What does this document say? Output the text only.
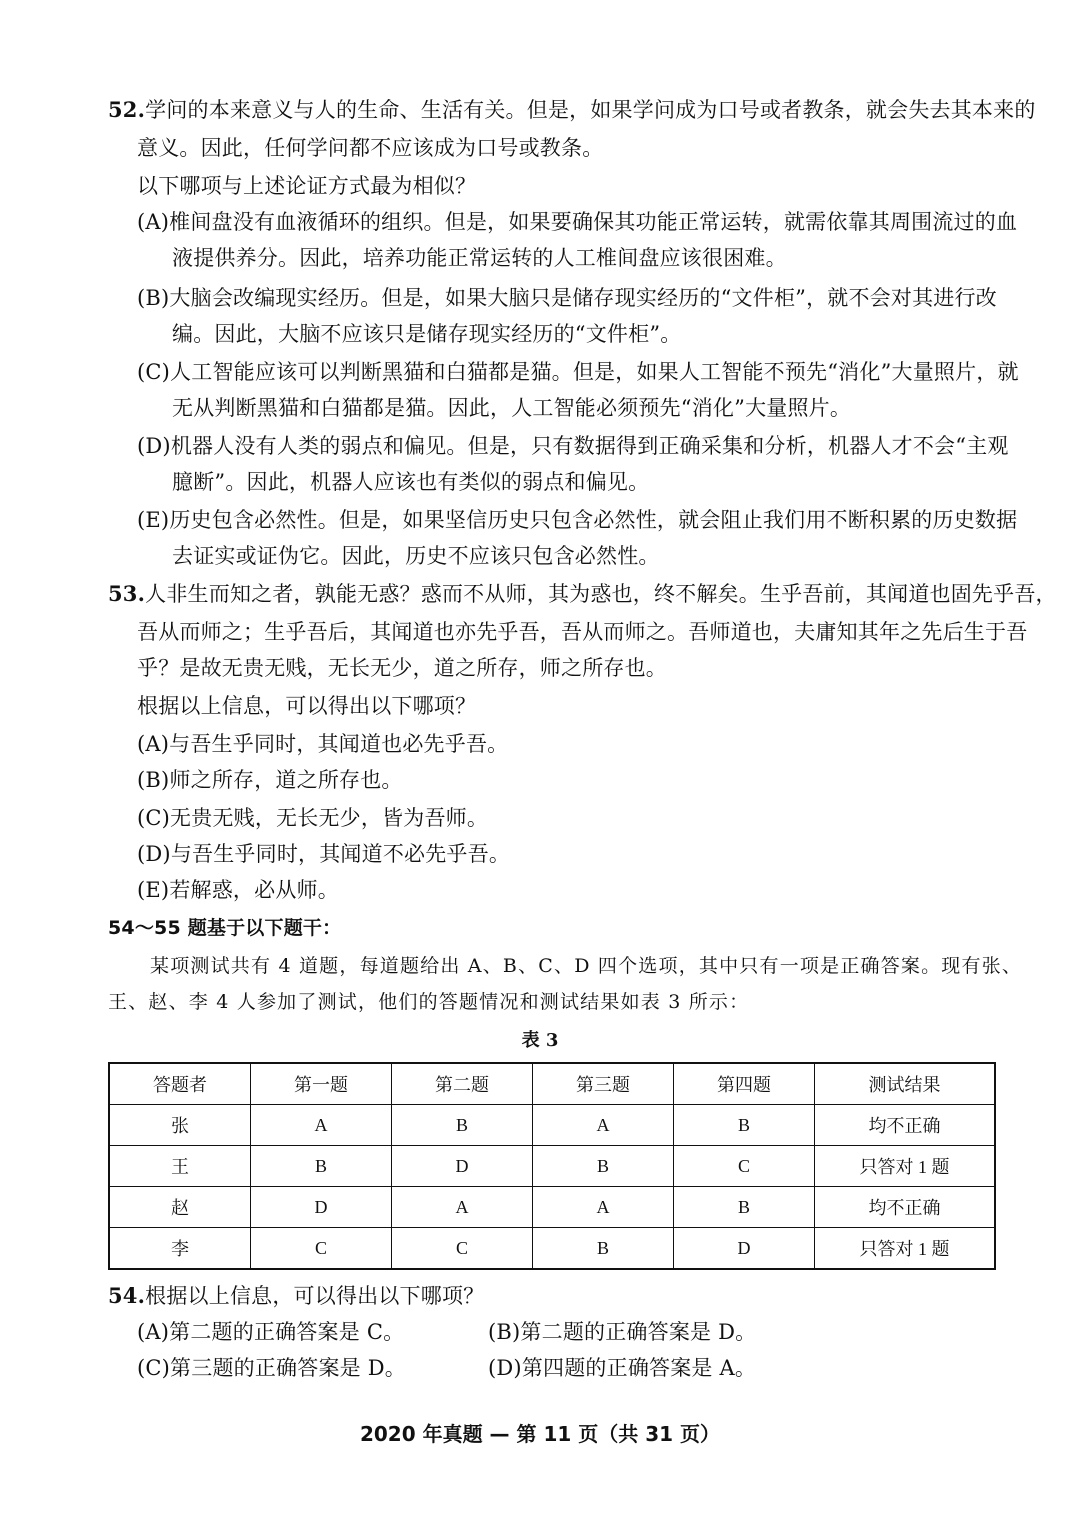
52.学问的本来意义与人的生命、生活有关。但是，如果学问成为口号或者教条，就会失去其本来的
意义。因此，任何学问都不应该成为口号或教条。
以下哪项与上述论证方式最为相似？
(A)椎间盘没有血液循环的组织。但是，如果要确保其功能正常运转，就需依靠其周围流过的血
液提供养分。因此，培养功能正常运转的人工椎间盘应该很困难。
(B)大脑会改编现实经历。但是，如果大脑只是储存现实经历的“文件柜”，就不会对其进行改
编。因此，大脑不应该只是储存现实经历的“文件柜”。
(C)人工智能应该可以判断黑猫和白猫都是猫。但是，如果人工智能不预先“消化”大量照片，就
无从判断黑猫和白猫都是猫。因此，人工智能必须预先“消化”大量照片。
(D)机器人没有人类的弱点和偏见。但是，只有数据得到正确采集和分析，机器人才不会“主观
臆断”。因此，机器人应该也有类似的弱点和偏见。
(E)历史包含必然性。但是，如果坚信历史只包含必然性，就会阻止我们用不断积累的历史数据
去证实或证伪它。因此，历史不应该只包含必然性。
53.人非生而知之者，孰能无惑？惑而不从师，其为惑也，终不解矣。生乎吾前，其闻道也固先乎吾，
吾从而师之；生乎吾后，其闻道也亦先乎吾，吾从而师之。吾师道也，夫庸知其年之先后生于吾
乎？是故无贵无贱，无长无少，道之所存，师之所存也。
根据以上信息，可以得出以下哪项？
(A)与吾生乎同时，其闻道也必先乎吾。
(B)师之所存，道之所存也。
(C)无贵无贱，无长无少，皆为吾师。
(D)与吾生乎同时，其闻道不必先乎吾。
(E)若解惑，必从师。
54～55 题基于以下题干：
某项测试共有 4 道题，每道题给出 A、B、C、D 四个选项，其中只有一项是正确答案。现有张、
王、赵、李 4 人参加了测试，他们的答题情况和测试结果如表 3 所示：
表 3
答题者	第一题	第二题	第三题	第四题	测试结果
张	A	B	A	B	均不正确
王	B	D	B	C	只答对 1 题
赵	D	A	A	B	均不正确
李	C	C	B	D	只答对 1 题
54.根据以上信息，可以得出以下哪项？
(A)第二题的正确答案是 C。	(B)第二题的正确答案是 D。
(C)第三题的正确答案是 D。	(D)第四题的正确答案是 A。
2020 年真题 — 第 11 页（共 31 页）
